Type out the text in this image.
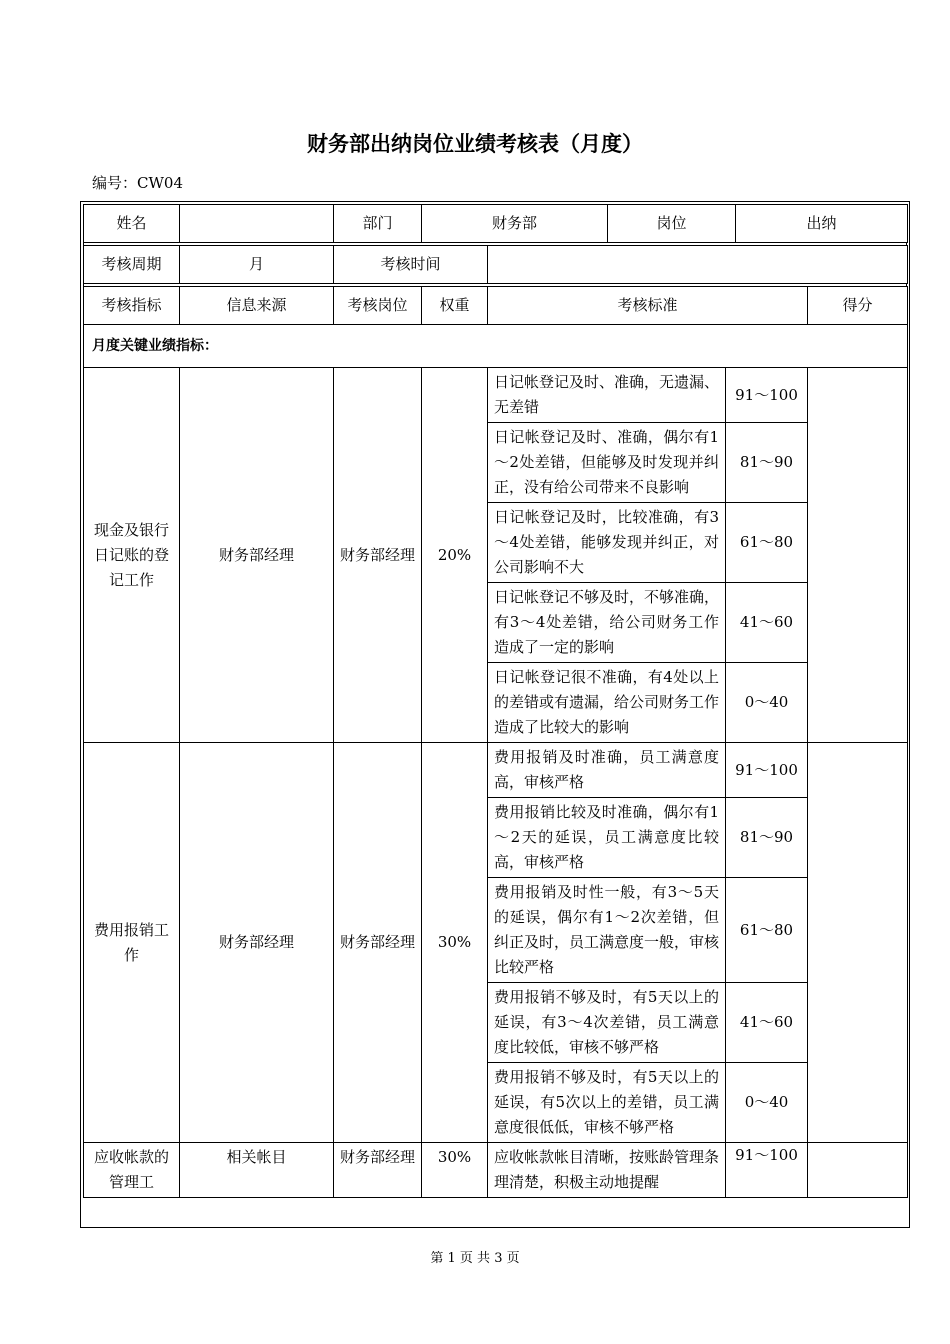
财务部出纳岗位业绩考核表（月度）
编号：CW04
姓名		部门	财务部	岗位	出纳
考核周期	月	考核时间	
考核指标	信息来源	考核岗位	权重	考核标准		得分
月度关键业绩指标：						
现金及银行日记账的登记工作	财务部经理	财务部经理	20%	日记帐登记及时、准确，无遗漏、无差错	91～100	
				日记帐登记及时、准确，偶尔有1～2处差错，但能够及时发现并纠正，没有给公司带来不良影响	81～90	
				日记帐登记及时，比较准确，有3～4处差错，能够发现并纠正，对公司影响不大	61～80	
				日记帐登记不够及时，不够准确，有3～4处差错，给公司财务工作造成了一定的影响	41～60	
				日记帐登记很不准确，有4处以上的差错或有遗漏，给公司财务工作造成了比较大的影响	0～40	
费用报销工作	财务部经理	财务部经理	30%	费用报销及时准确，员工满意度高，审核严格	91～100	
				费用报销比较及时准确，偶尔有1～2天的延误，员工满意度比较高，审核严格	81～90	
				费用报销及时性一般，有3～5天的延误，偶尔有1～2次差错，但纠正及时，员工满意度一般，审核比较严格	61～80	
				费用报销不够及时，有5天以上的延误，有3～4次差错，员工满意度比较低，审核不够严格	41～60	
				费用报销不够及时，有5天以上的延误，有5次以上的差错，员工满意度很低低，审核不够严格	0～40	
应收帐款的管理工	相关帐目	财务部经理	30%	应收帐款帐目清晰，按账龄管理条理清楚，积极主动地提醒	91～100	
第 1 页 共 3 页
